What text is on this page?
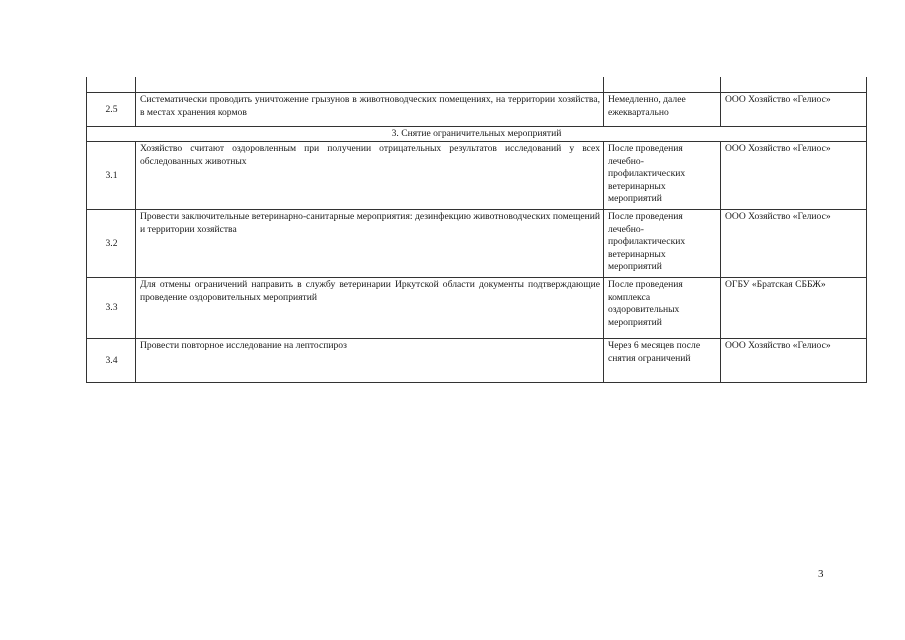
2.5	Систематически проводить уничтожение грызунов в животноводческих помещениях, на территории хозяйства, в местах хранения кормов	Немедленно, далее ежеквартально	ООО Хозяйство «Гелиос»
3. Снятие ограничительных мероприятий			
3.1	Хозяйство считают оздоровленным при получении отрицательных результатов исследований у всех обследованных животных	После проведения лечебно-профилактических ветеринарных мероприятий	ООО Хозяйство «Гелиос»
3.2	Провести заключительные ветеринарно-санитарные мероприятия: дезинфекцию животноводческих помещений и территории хозяйства	После проведения лечебно-профилактических ветеринарных мероприятий	ООО Хозяйство «Гелиос»
3.3	Для отмены ограничений направить в службу ветеринарии Иркутской области документы подтверждающие проведение оздоровительных мероприятий	После проведения комплекса оздоровительных мероприятий	ОГБУ «Братская СББЖ»
3.4	Провести повторное исследование на лептоспироз	Через 6 месяцев после снятия ограничений	ООО Хозяйство «Гелиос»
3
